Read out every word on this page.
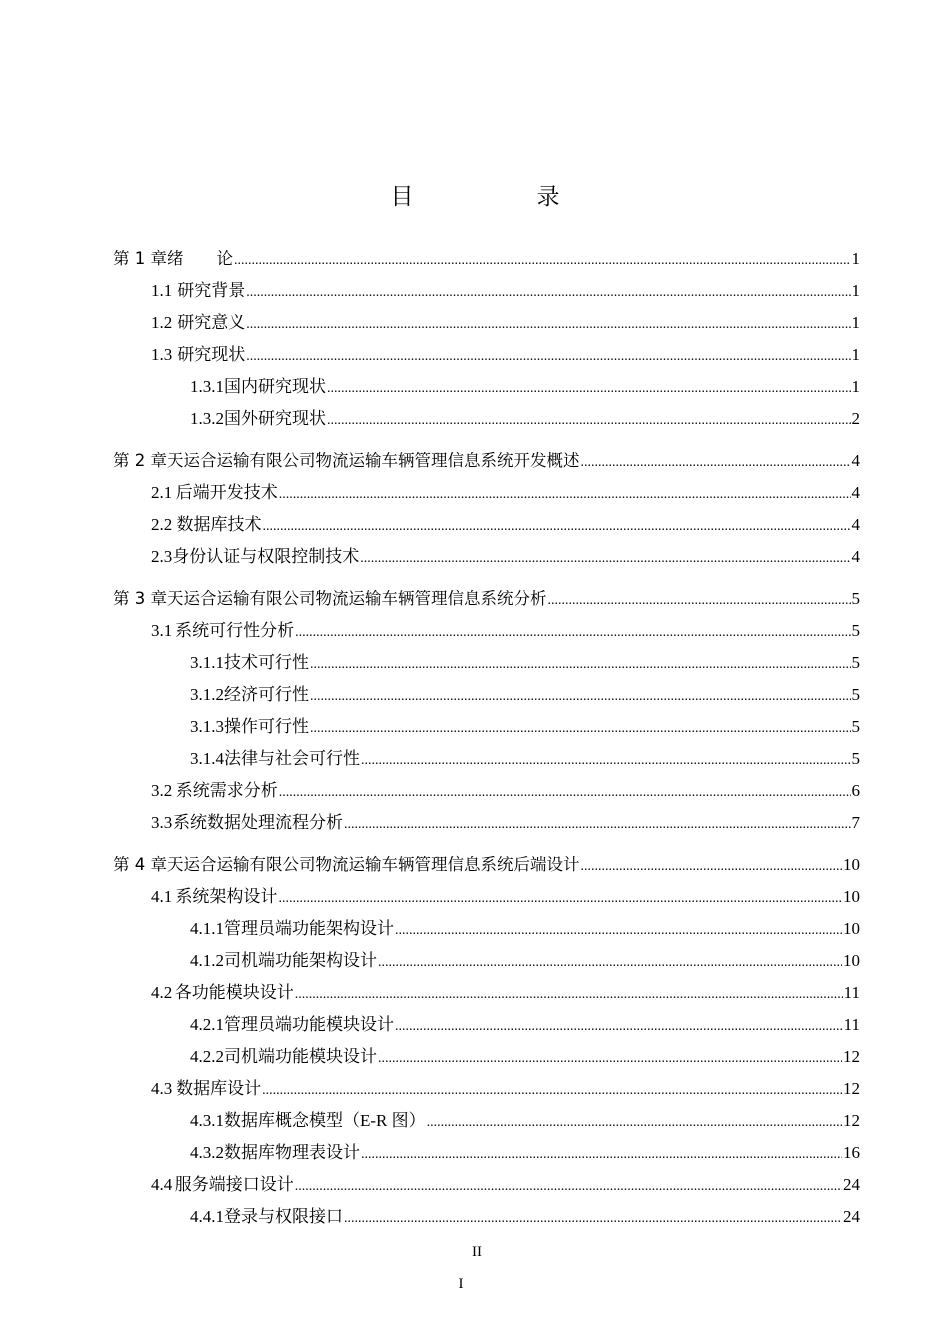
目　录
第 1 章 绪　　论 .....	1
1.1 研究背景 .....	1
1.2 研究意义 .....	1
1.3 研究现状 .....	1
1.3.1 国内研究现状 .....	1
1.3.2 国外研究现状 .....	2
第 2 章 天运合运输有限公司物流运输车辆管理信息系统开发概述 .....	4
2.1 后端开发技术 .....	4
2.2 数据库技术 .....	4
2.3 身份认证与权限控制技术 .....	4
第 3 章 天运合运输有限公司物流运输车辆管理信息系统分析 .....	5
3.1 系统可行性分析 .....	5
3.1.1 技术可行性 .....	5
3.1.2 经济可行性 .....	5
3.1.3 操作可行性 .....	5
3.1.4 法律与社会可行性 .....	5
3.2 系统需求分析 .....	6
3.3 系统数据处理流程分析 .....	7
第 4 章 天运合运输有限公司物流运输车辆管理信息系统后端设计 .....	10
4.1 系统架构设计 .....	10
4.1.1 管理员端功能架构设计 .....	10
4.1.2 司机端功能架构设计 .....	10
4.2 各功能模块设计 .....	11
4.2.1 管理员端功能模块设计 .....	11
4.2.2 司机端功能模块设计 .....	12
4.3 数据库设计 .....	12
4.3.1 数据库概念模型（E-R 图） .....	12
4.3.2 数据库物理表设计 .....	16
4.4 服务端接口设计 .....	24
4.4.1 登录与权限接口 .....	24
II
I
